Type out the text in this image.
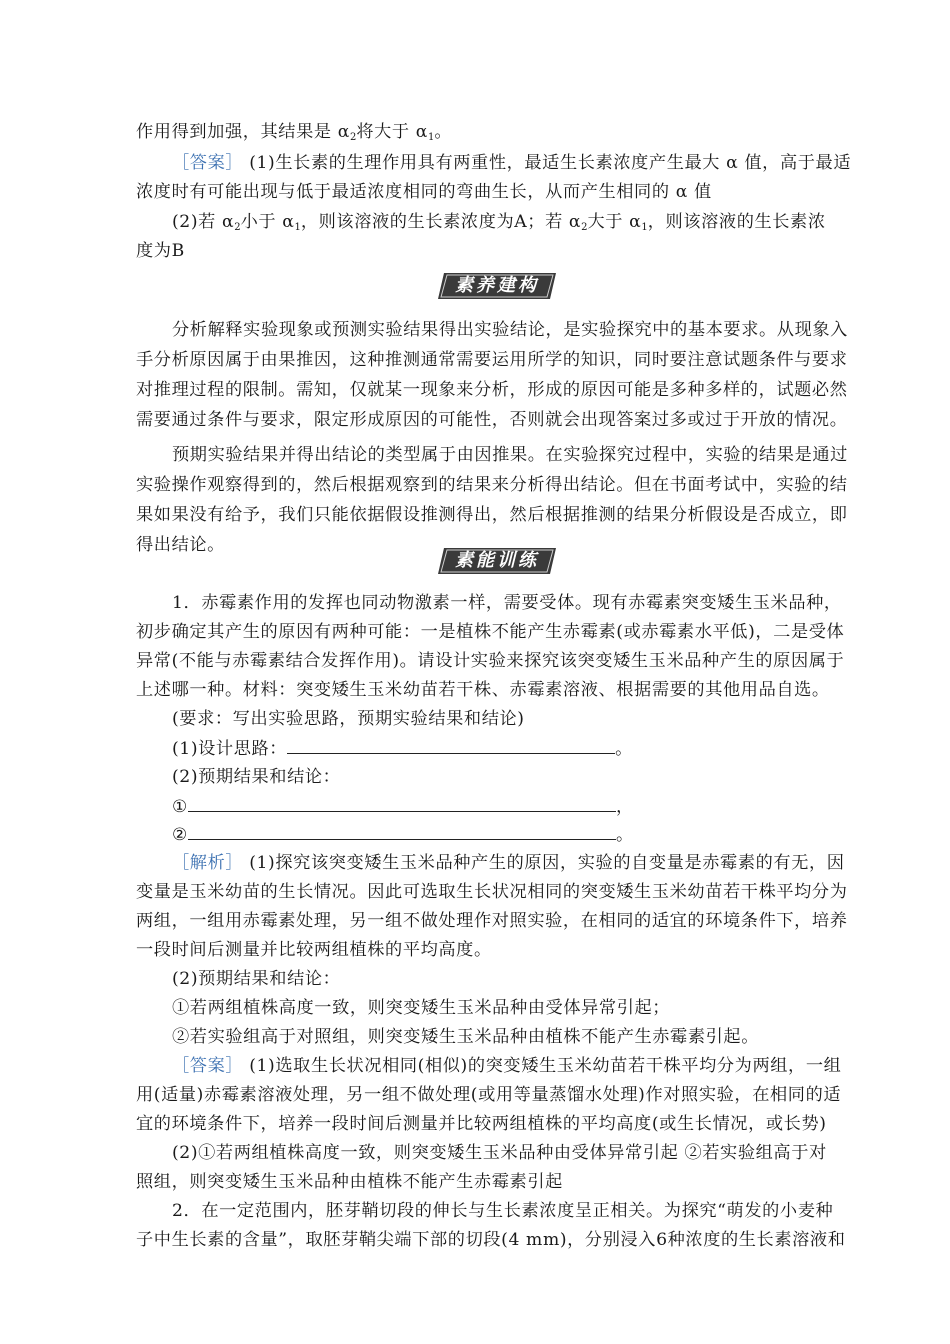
作用得到加强，其结果是 $\alpha_2$将大于 $\alpha_1$。
［答案］ (1)生长素的生理作用具有两重性，最适生长素浓度产生最大 α 值，高于最适
浓度时有可能出现与低于最适浓度相同的弯曲生长，从而产生相同的 α 值
(2)若 $\alpha_2$小于 $\alpha_1$，则该溶液的生长素浓度为A；若 $\alpha_2$大于 $\alpha_1$，则该溶液的生长素浓
度为B
素养建构
分析解释实验现象或预测实验结果得出实验结论，是实验探究中的基本要求。从现象入
手分析原因属于由果推因，这种推测通常需要运用所学的知识，同时要注意试题条件与要求
对推理过程的限制。需知，仅就某一现象来分析，形成的原因可能是多种多样的，试题必然
需要通过条件与要求，限定形成原因的可能性，否则就会出现答案过多或过于开放的情况。
预期实验结果并得出结论的类型属于由因推果。在实验探究过程中，实验的结果是通过
实验操作观察得到的，然后根据观察到的结果来分析得出结论。但在书面考试中，实验的结
果如果没有给予，我们只能依据假设推测得出，然后根据推测的结果分析假设是否成立，即
得出结论。
素能训练
1．赤霉素作用的发挥也同动物激素一样，需要受体。现有赤霉素突变矮生玉米品种，
初步确定其产生的原因有两种可能：一是植株不能产生赤霉素(或赤霉素水平低)，二是受体
异常(不能与赤霉素结合发挥作用)。请设计实验来探究该突变矮生玉米品种产生的原因属于
上述哪一种。材料：突变矮生玉米幼苗若干株、赤霉素溶液、根据需要的其他用品自选。
(要求：写出实验思路，预期实验结果和结论)
(1)设计思路：	。
(2)预期结果和结论：
①	，
②	。
［解析］ (1)探究该突变矮生玉米品种产生的原因，实验的自变量是赤霉素的有无，因
变量是玉米幼苗的生长情况。因此可选取生长状况相同的突变矮生玉米幼苗若干株平均分为
两组，一组用赤霉素处理，另一组不做处理作对照实验，在相同的适宜的环境条件下，培养
一段时间后测量并比较两组植株的平均高度。
(2)预期结果和结论：
①若两组植株高度一致，则突变矮生玉米品种由受体异常引起；
②若实验组高于对照组，则突变矮生玉米品种由植株不能产生赤霉素引起。
［答案］ (1)选取生长状况相同(相似)的突变矮生玉米幼苗若干株平均分为两组，一组
用(适量)赤霉素溶液处理，另一组不做处理(或用等量蒸馏水处理)作对照实验，在相同的适
宜的环境条件下，培养一段时间后测量并比较两组植株的平均高度(或生长情况，或长势)
(2)①若两组植株高度一致，则突变矮生玉米品种由受体异常引起 ②若实验组高于对
照组，则突变矮生玉米品种由植株不能产生赤霉素引起
2．在一定范围内，胚芽鞘切段的伸长与生长素浓度呈正相关。为探究“萌发的小麦种
子中生长素的含量”，取胚芽鞘尖端下部的切段(4 mm)，分别浸入6种浓度的生长素溶液和
